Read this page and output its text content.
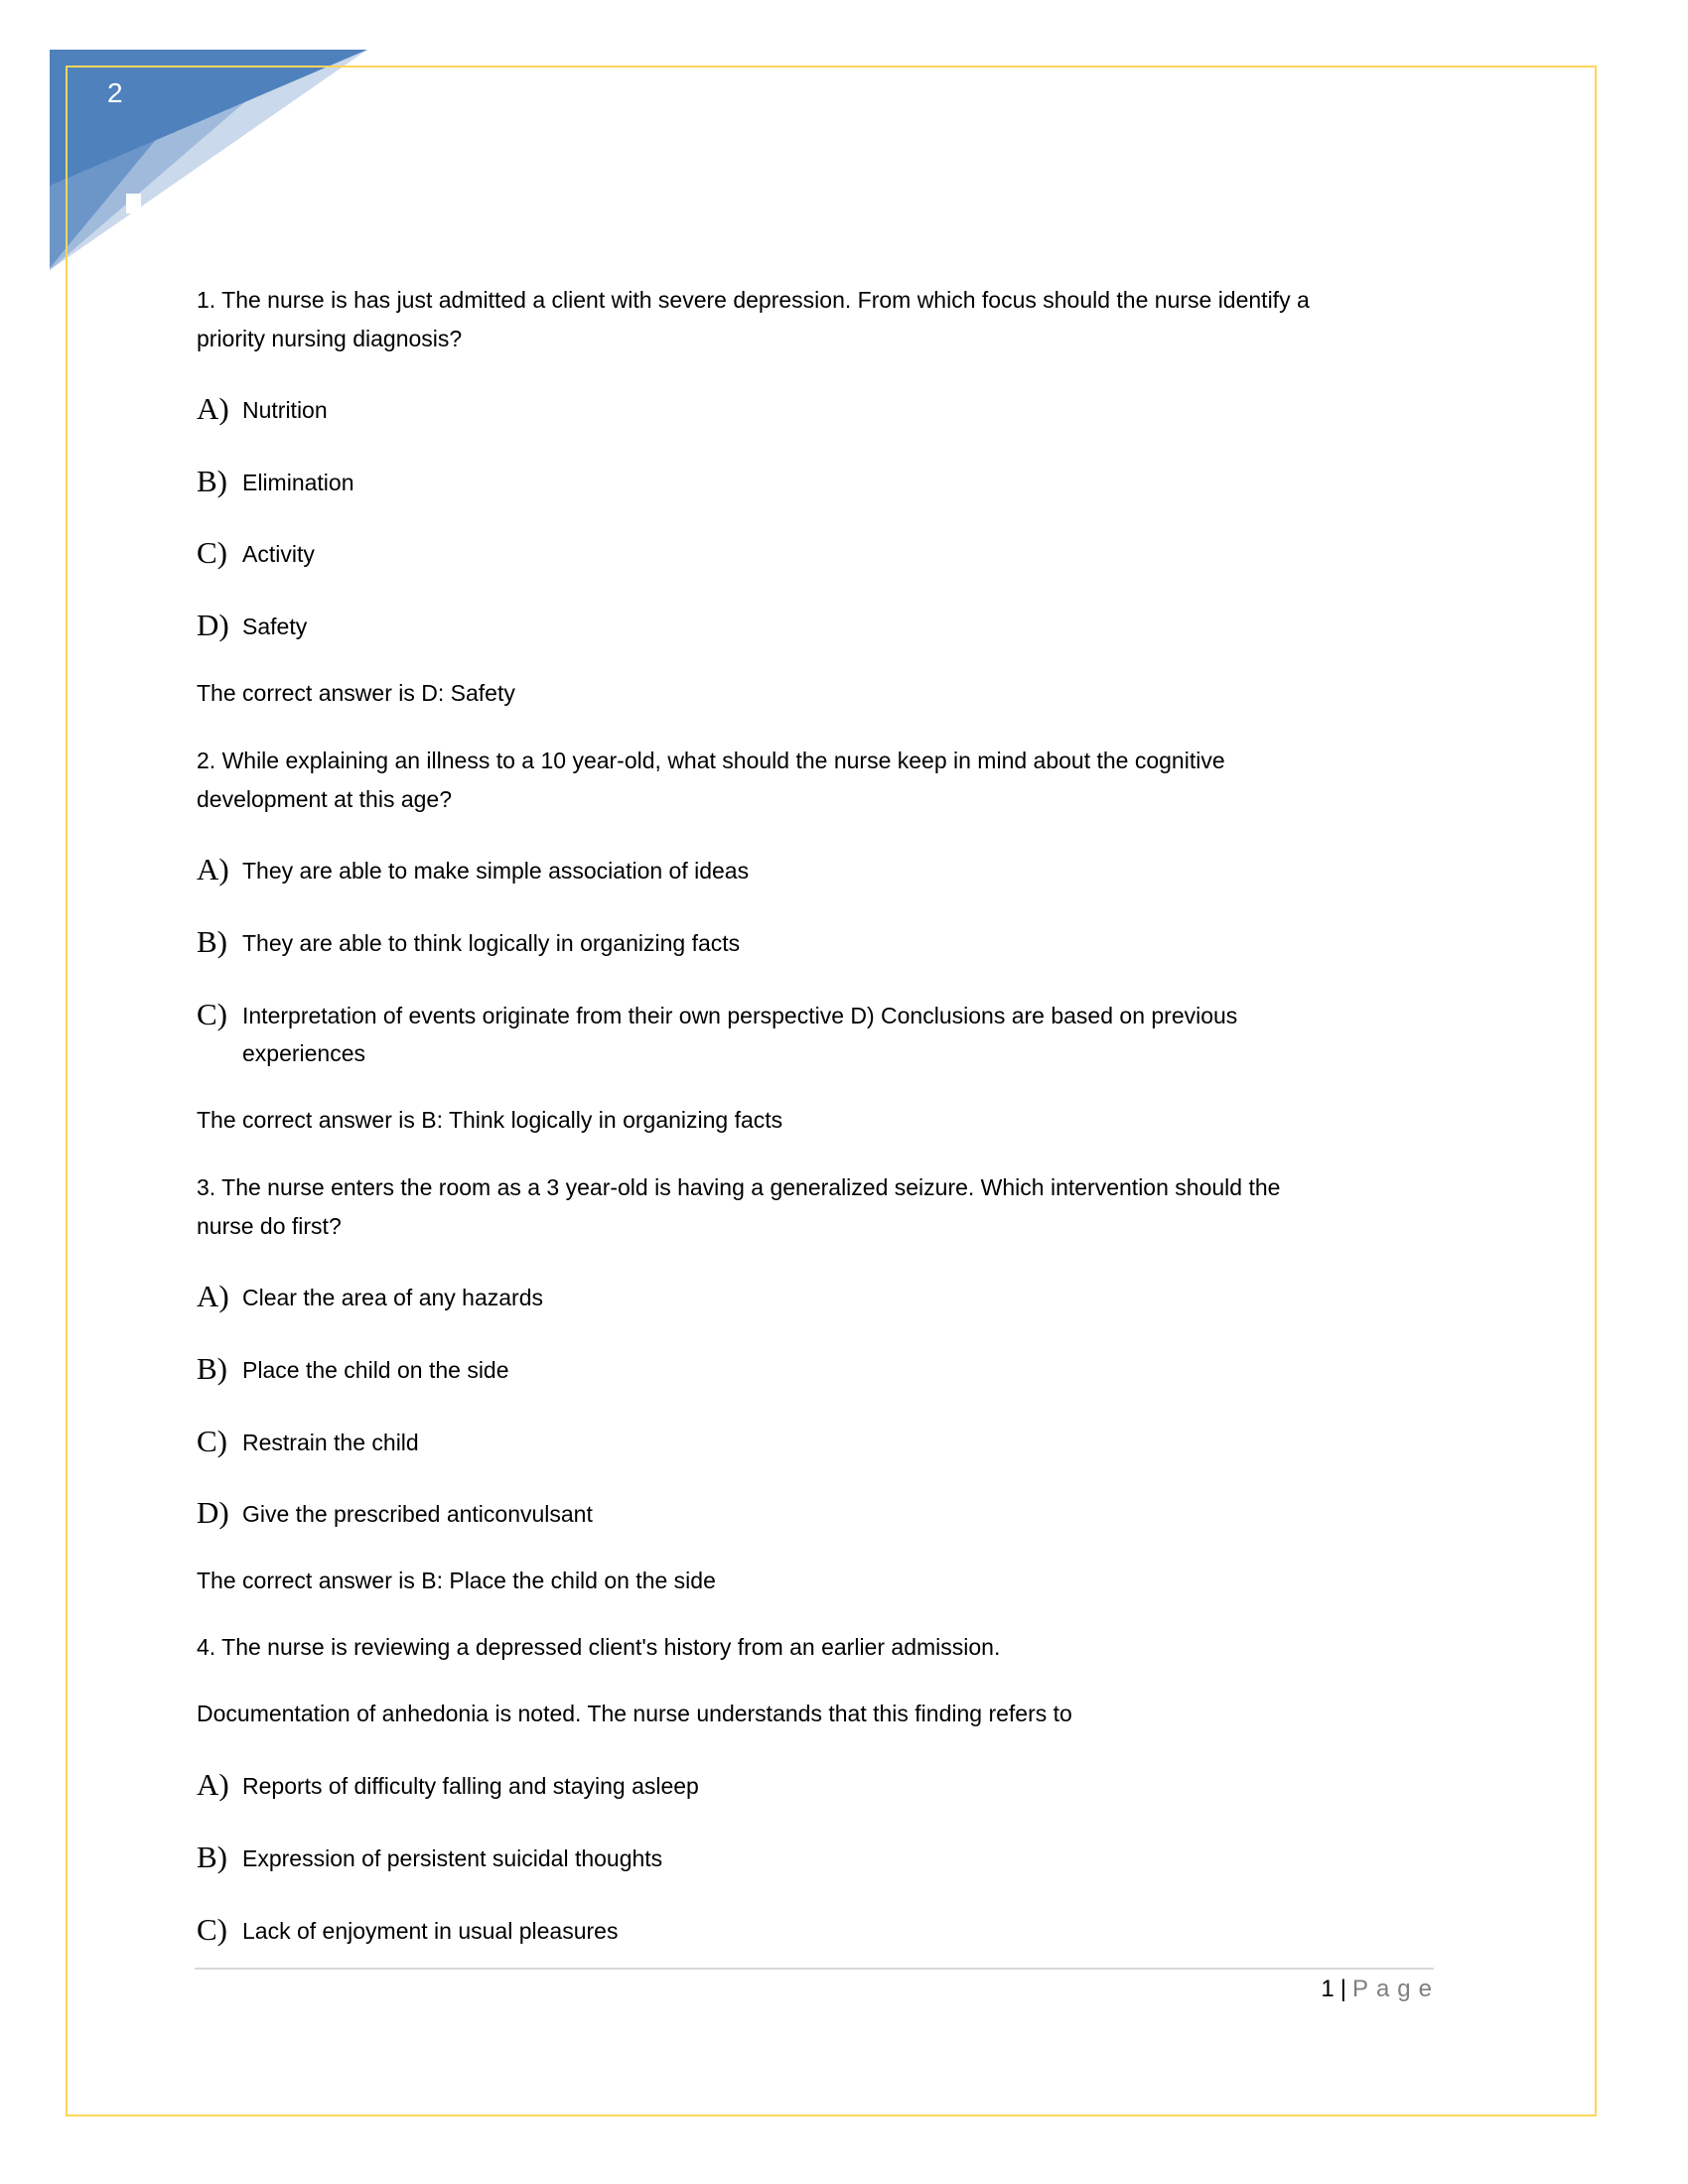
2
1. The nurse is has just admitted a client with severe depression. From which focus should the nurse identify a
priority nursing diagnosis?
A) Nutrition
B) Elimination
C) Activity
D) Safety
The correct answer is D: Safety
2. While explaining an illness to a 10 year-old, what should the nurse keep in mind about the cognitive
development at this age?
A) They are able to make simple association of ideas
B) They are able to think logically in organizing facts
C) Interpretation of events originate from their own perspective D) Conclusions are based on previous
experiences
The correct answer is B: Think logically in organizing facts
3. The nurse enters the room as a 3 year-old is having a generalized seizure. Which intervention should the
nurse do first?
A) Clear the area of any hazards
B) Place the child on the side
C) Restrain the child
D) Give the prescribed anticonvulsant
The correct answer is B: Place the child on the side
4. The nurse is reviewing a depressed client's history from an earlier admission.
Documentation of anhedonia is noted. The nurse understands that this finding refers to
A) Reports of difficulty falling and staying asleep
B) Expression of persistent suicidal thoughts
C) Lack of enjoyment in usual pleasures
1 | Page
